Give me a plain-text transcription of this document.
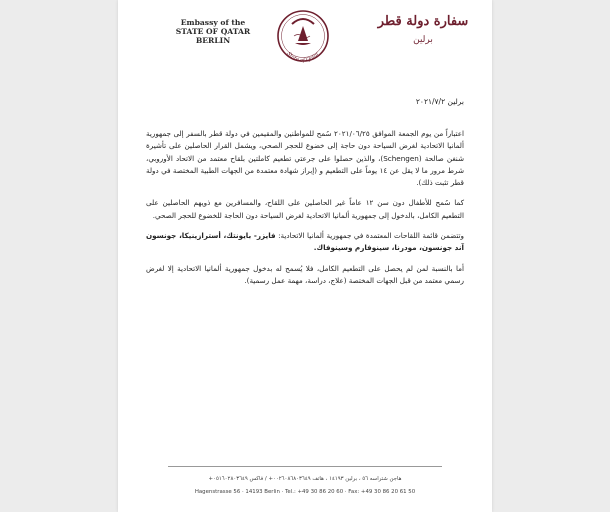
Embassy of the
STATE OF QATAR
BERLIN
State of Qatar
سفارة دولة قطر
برلين
برلين ٢٠٢١/٧/٢

اعتباراً من يوم الجمعة الموافق ٢٠٢١/٠٦/٢٥ سُمح للمواطنين والمقيمين في دولة قطر بالسفر إلى جمهورية ألمانيا الاتحادية لغرض السياحة دون حاجة إلى خضوع للحجر الصحي، ويشمل القرار الحاصلين على تأشيرة شنغن صالحة (Schengen)، والذين حصلوا على جرعتي تطعيم كاملتين بلقاح معتمد من الاتحاد الأوروبي، شرط مرور ما لا يقل عن ١٤ يوماً على التطعيم و (إبراز شهادة معتمدة من الجهات الطبية المختصة في دولة قطر تثبت ذلك).

كما سُمح للأطفال دون سن ١٢ عاماً غير الحاصلين على اللقاح، والمسافرين مع ذويهم الحاصلين على التطعيم الكامل، بالدخول إلى جمهورية ألمانيا الاتحادية لغرض السياحة دون الحاجة للخضوع للحجر الصحي.

وتتضمن قائمة اللقاحات المعتمدة في جمهورية ألمانيا الاتحادية: فايزر- بايونتك، أسترازينيكا، جونسون آند جونسون، مودرنا، سينوفارم وسينوفاك.

أما بالنسبة لمن لم يحصل على التطعيم الكامل، فلا يُسمح له بدخول جمهورية ألمانيا الاتحادية إلا لغرض رسمي معتمد من قبل الجهات المختصة (علاج، دراسة، مهمة عمل رسمية).

هاجن شتراسه ٥٦ ، برلين ١٤١٩٣ ، هاتف ٠٠٢٦٠٨٦٨٠٣٦٤٩+ / فاكس ٠٥١٦٠٢٨٠٣٦٤٩+
Hagenstrasse 56 · 14193 Berlin · Tel.: +49 30 86 20 60 · Fax: +49 30 86 20 61 50
